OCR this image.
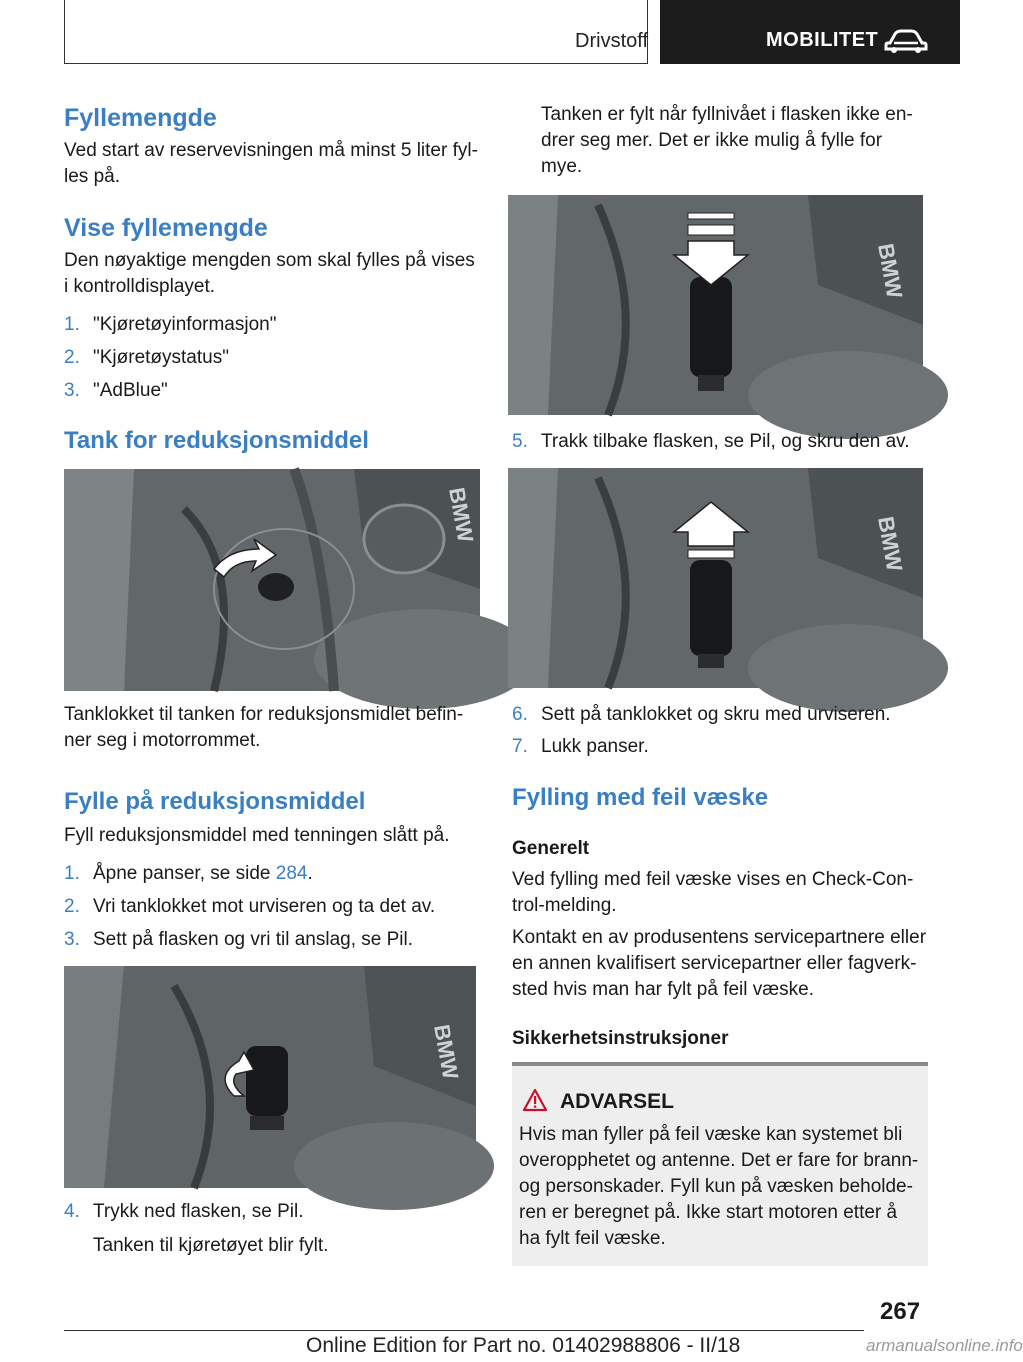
Drivstoff	MOBILITET
Fyllemengde

Ved start av reservevisningen må minst 5 liter fyl-
les på.

Vise fyllemengde

Den nøyaktige mengden som skal fylles på vises
i kontrolldisplayet.

1. "Kjøretøyinformasjon"
2. "Kjøretøystatus"
3. "AdBlue"
Tank for reduksjonsmiddel
BMW

Tanklokket til tanken for reduksjonsmidlet befin-
ner seg i motorrommet.

Fylle på reduksjonsmiddel

Fyll reduksjonsmiddel med tenningen slått på.

1. Åpne panser, se side 284.
2. Vri tanklokket mot urviseren og ta det av.
3. Sett på flasken og vri til anslag, se Pil.
BMW
4. Trykk ned flasken, se Pil.

Tanken til kjøretøyet blir fylt.

Tanken er fylt når fyllnivået i flasken ikke en-
drer seg mer. Det er ikke mulig å fylle for
mye.

BMW
5. Trakk tilbake flasken, se Pil, og skru den av.
BMW
6. Sett på tanklokket og skru med urviseren.
7. Lukk panser.
Fylling med feil væske
Generelt

Ved fylling med feil væske vises en Check-Con-
trol-melding.

Kontakt en av produsentens servicepartnere eller
en annen kvalifisert servicepartner eller fagverk-
sted hvis man har fylt på feil væske.

Sikkerhetsinstruksjoner
ADVARSEL

Hvis man fyller på feil væske kan systemet bli
overopphetet og antenne. Det er fare for brann-
og personskader. Fyll kun på væsken beholde-
ren er beregnet på. Ikke start motoren etter å
ha fylt feil væske.

267
Online Edition for Part no. 01402988806 - II/18	armanualsonline.info
